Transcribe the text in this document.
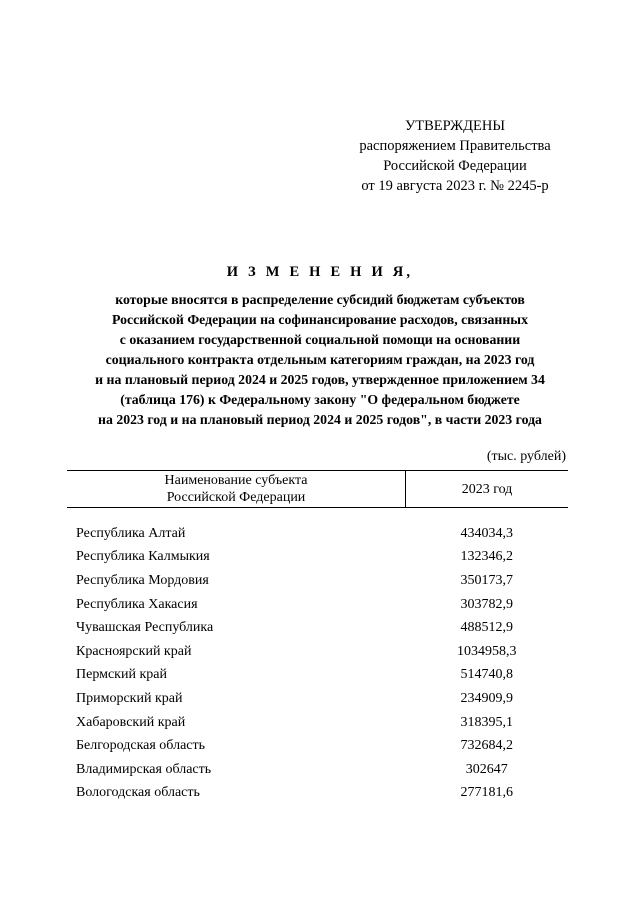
УТВЕРЖДЕНЫ
распоряжением Правительства
Российской Федерации
от 19 августа 2023 г. № 2245-р
И З М Е Н Е Н И Я,
которые вносятся в распределение субсидий бюджетам субъектов
Российской Федерации на софинансирование расходов, связанных
с оказанием государственной социальной помощи на основании
социального контракта отдельным категориям граждан, на 2023 год
и на плановый период 2024 и 2025 годов, утвержденное приложением 34
(таблица 176) к Федеральному закону "О федеральном бюджете
на 2023 год и на плановый период 2024 и 2025 годов", в части 2023 года
(тыс. рублей)
Наименование субъекта
Российской Федерации	2023 год

Республика Алтай	434034,3
Республика Калмыкия	132346,2
Республика Мордовия	350173,7
Республика Хакасия	303782,9
Чувашская Республика	488512,9
Красноярский край	1034958,3
Пермский край	514740,8
Приморский край	234909,9
Хабаровский край	318395,1
Белгородская область	732684,2
Владимирская область	302647
Вологодская область	277181,6
